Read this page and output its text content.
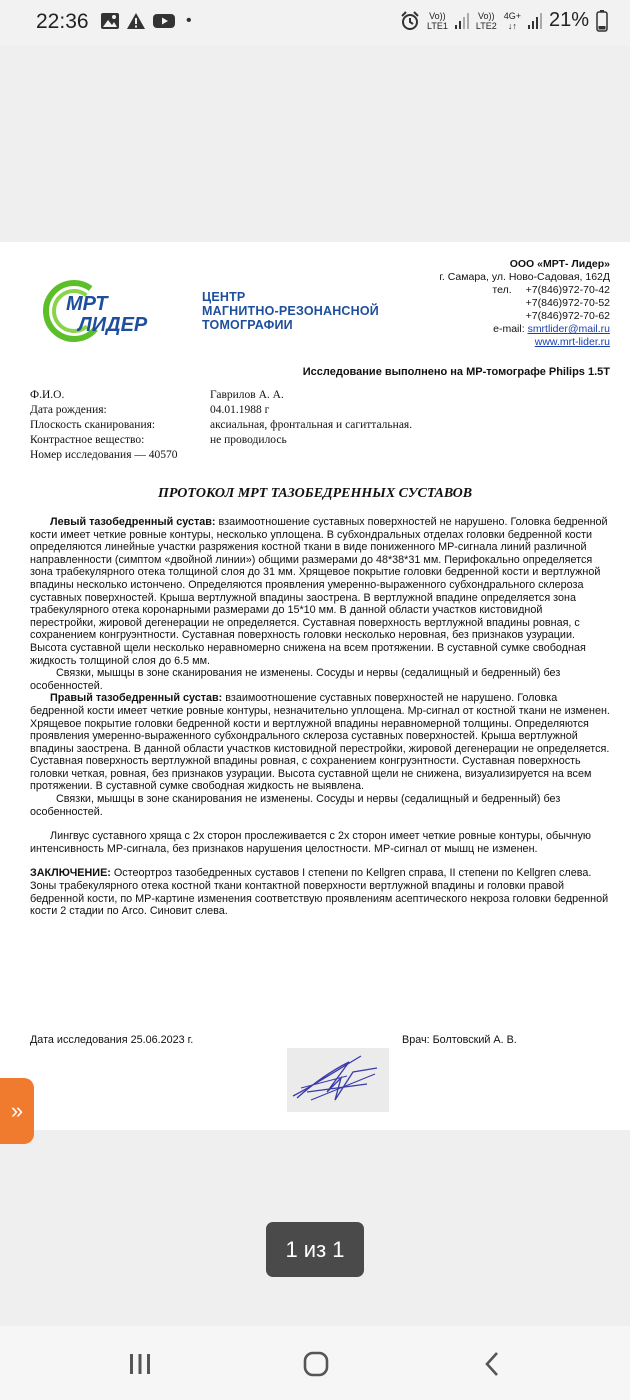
22:36	•	Vo))
LTE1
Vo))
LTE2
4G+
↓↑ 21%
МРТ
ЛИДЕР
ЦЕНТР
МАГНИТНО-РЕЗОНАНСНОЙ
ТОМОГРАФИИ
ООО «МРТ- Лидер»
г. Самара, ул. Ново-Садовая, 162Д
тел. +7(846)972-70-42
+7(846)972-70-52
+7(846)972-70-62
e-mail: smrtlider@mail.ru
www.mrt-lider.ru
Исследование выполнено на МР-томографе Philips 1.5T
Ф.И.О.	Гаврилов А. А.
Дата рождения:	04.01.1988 г
Плоскость сканирования:	аксиальная, фронтальная и сагиттальная.
Контрастное вещество:	не проводилось
Номер исследования — 40570
ПРОТОКОЛ МРТ ТАЗОБЕДРЕННЫХ СУСТАВОВ

Левый тазобедренный сустав: взаимоотношение суставных поверхностей не нарушено. Головка бедренной кости имеет четкие ровные контуры, несколько уплощена. В субхондральных отделах головки бедренной кости определяются линейные участки разряжения костной ткани в виде пониженного МР-сигнала линий различной направленности (симптом «двойной линии») общими размерами до 48*38*31 мм. Перифокально определяется зона трабекулярного отека толщиной слоя до 31 мм. Хрящевое покрытие головки бедренной кости и вертлужной впадины несколько истончено. Определяются проявления умеренно-выраженного субхондрального склероза суставных поверхностей. Крыша вертлужной впадины заострена. В вертлужной впадине определяется зона трабекулярного отека коронарными размерами до 15*10 мм. В данной области участков кистовидной перестройки, жировой дегенерации не определяется. Суставная поверхность вертлужной впадины ровная, с сохранением конгруэнтности. Суставная поверхность головки несколько неровная, без признаков узурации. Высота суставной щели несколько неравномерно снижена на всем протяжении. В суставной сумке свободная жидкость толщиной слоя до 6.5 мм.

Связки, мышцы в зоне сканирования не изменены. Сосуды и нервы (седалищный и бедренный) без особенностей.

Правый тазобедренный сустав: взаимоотношение суставных поверхностей не нарушено. Головка бедренной кости имеет четкие ровные контуры, незначительно уплощена. Мр-сигнал от костной ткани не изменен. Хрящевое покрытие головки бедренной кости и вертлужной впадины неравномерной толщины. Определяются проявления умеренно-выраженного субхондрального склероза суставных поверхностей. Крыша вертлужной впадины заострена. В данной области участков кистовидной перестройки, жировой дегенерации не определяется. Суставная поверхность вертлужной впадины ровная, с сохранением конгруэнтности. Суставная поверхность головки четкая, ровная, без признаков узурации. Высота суставной щели не снижена, визуализируется на всем протяжении. В суставной сумке свободная жидкость не выявлена.

Связки, мышцы в зоне сканирования не изменены. Сосуды и нервы (седалищный и бедренный) без особенностей.

Лингвус суставного хряща с 2х сторон прослеживается с 2х сторон имеет четкие ровные контуры, обычную интенсивность МР-сигнала, без признаков нарушения целостности. МР-сигнал от мышц не изменен.

ЗАКЛЮЧЕНИЕ: Остеортроз тазобедренных суставов I степени по Kellgren справа, II степени по Kellgren слева. Зоны трабекулярного отека костной ткани контактной поверхности вертлужной впадины и головки правой бедренной кости, по МР-картине изменения соответствую проявлениям асептического некроза головки бедренной кости 2 стадии по Arco. Синовит слева.

Дата исследования 25.06.2023 г.	Врач: Болтовский А. В.
»
1 из 1
